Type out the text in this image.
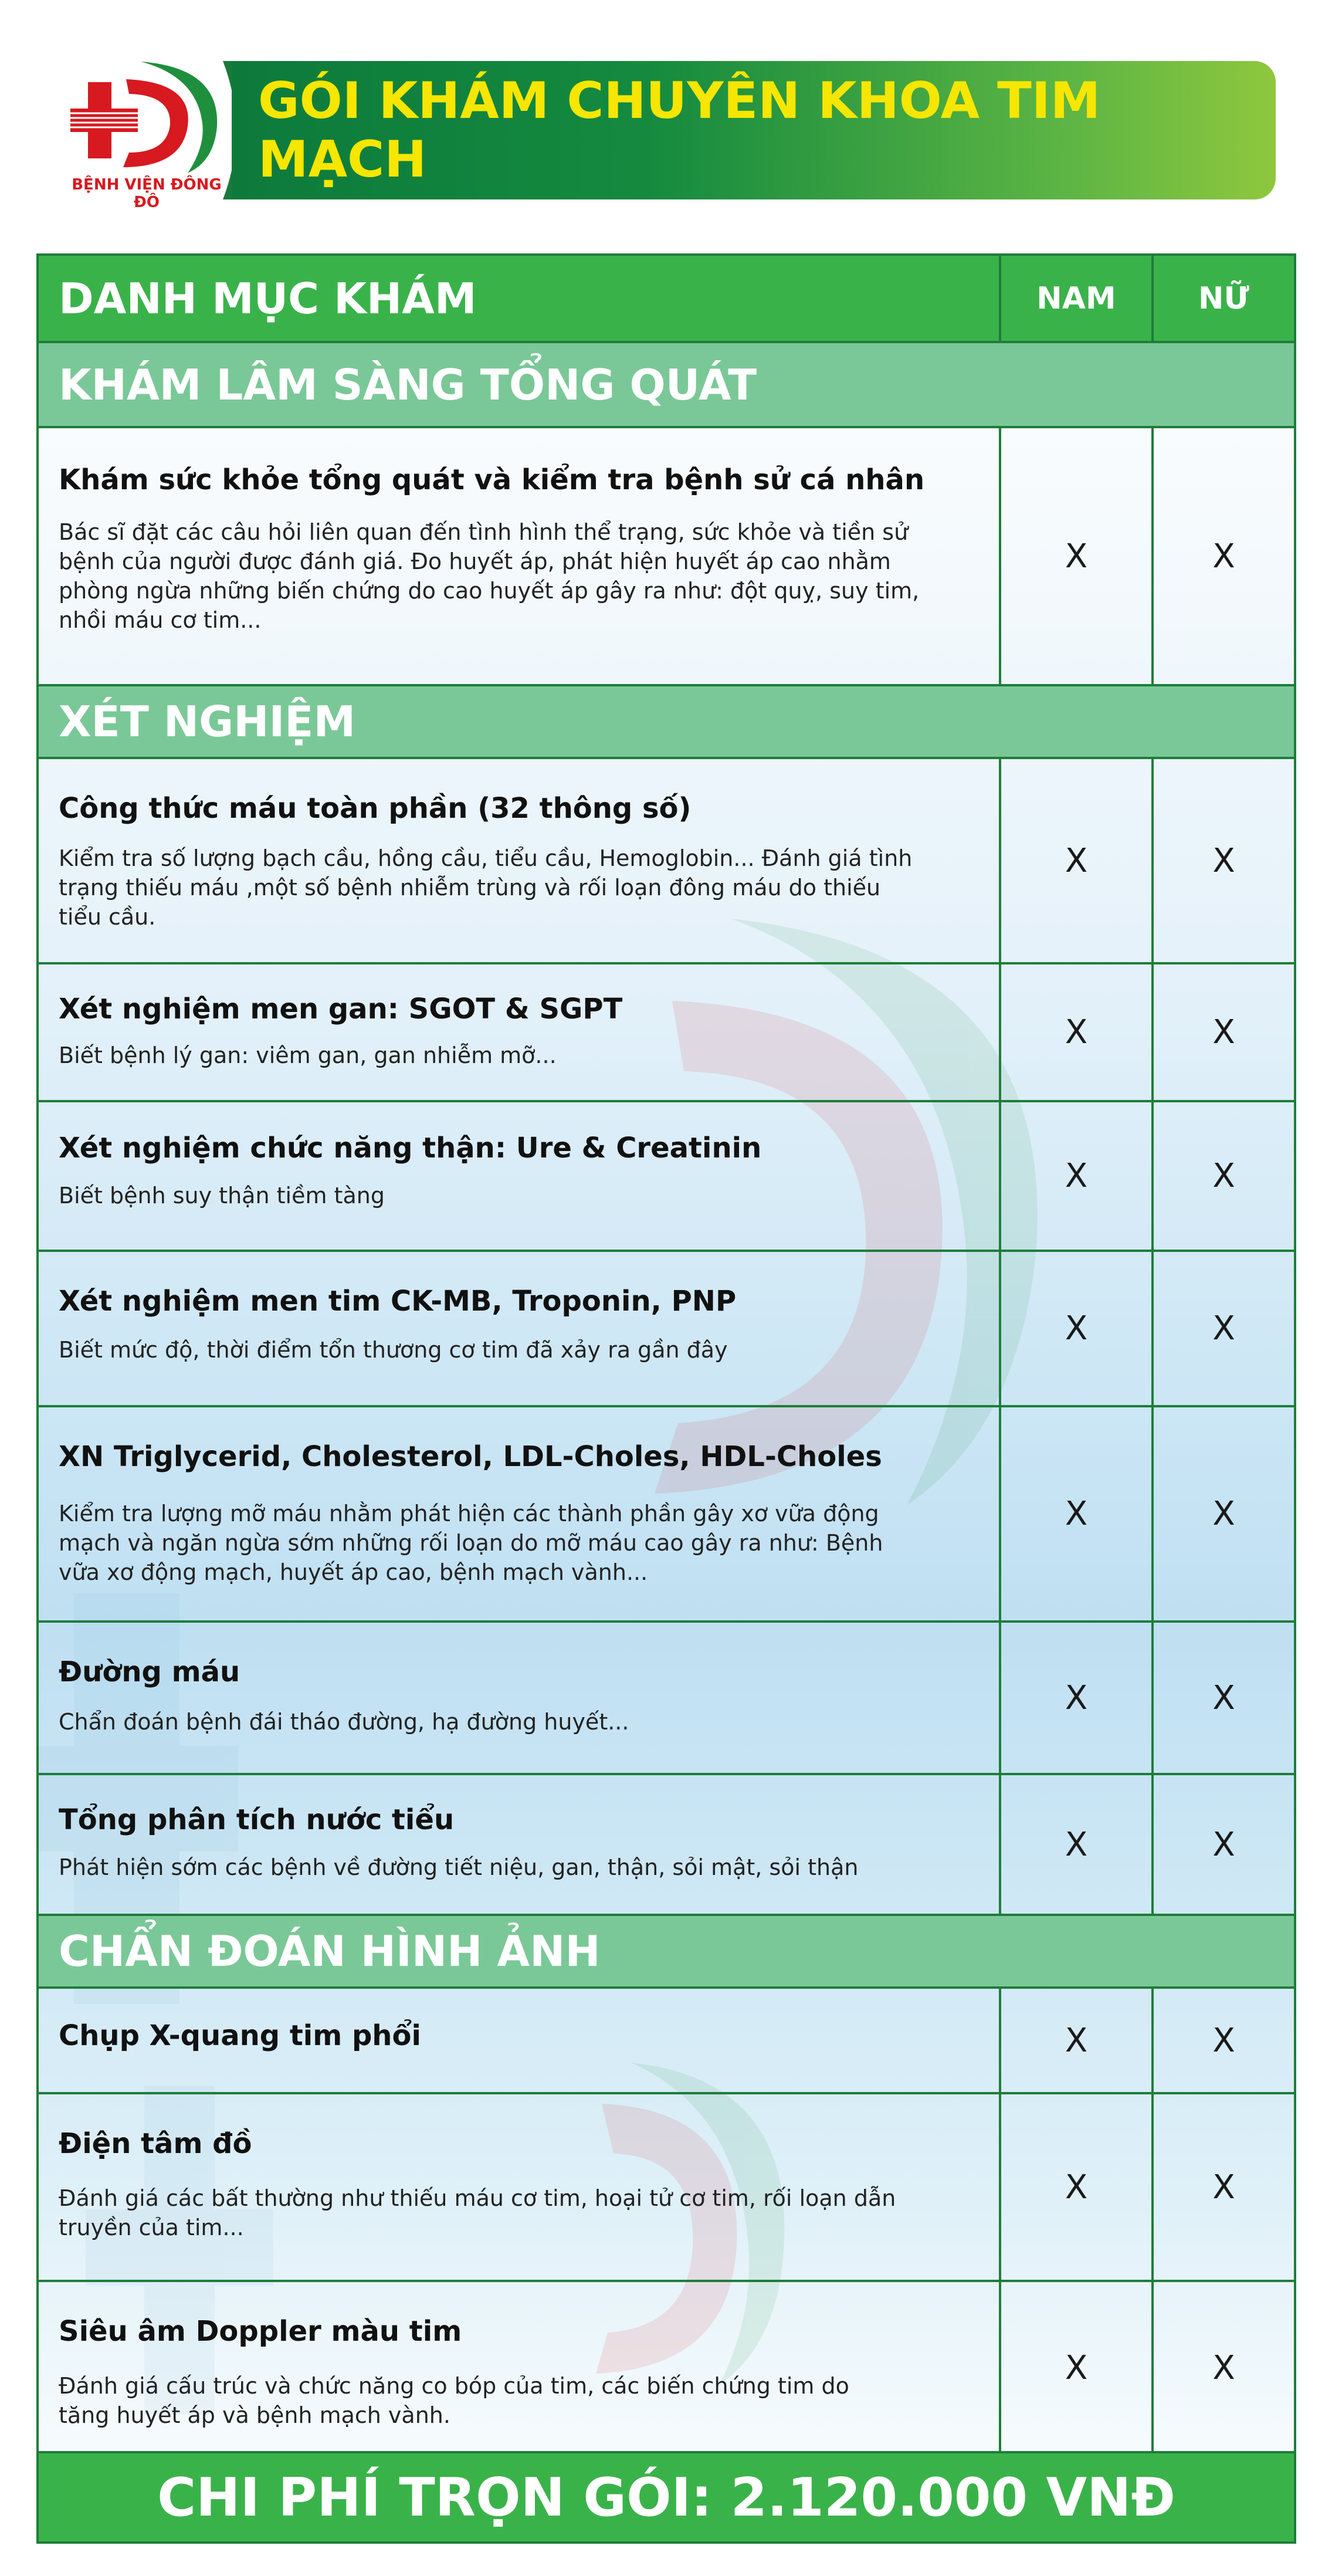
BỆNH VIỆN ĐÔNG ĐÔ
GÓI KHÁM CHUYÊN KHOA TIM MẠCH
DANH MỤC KHÁM	NAM	NỮ
KHÁM LÂM SÀNG TỔNG QUÁT
Khám sức khỏe tổng quát và kiểm tra bệnh sử cá nhân
Bác sĩ đặt các câu hỏi liên quan đến tình hình thể trạng, sức khỏe và tiền sử
bệnh của người được đánh giá. Đo huyết áp, phát hiện huyết áp cao nhằm
phòng ngừa những biến chứng do cao huyết áp gây ra như: đột quỵ, suy tim,
nhồi máu cơ tim...
X	X
XÉT NGHIỆM
Công thức máu toàn phần (32 thông số)
Kiểm tra số lượng bạch cầu, hồng cầu, tiểu cầu, Hemoglobin... Đánh giá tình
trạng thiếu máu ,một số bệnh nhiễm trùng và rối loạn đông máu do thiếu
tiểu cầu.
X	X
Xét nghiệm men gan: SGOT & SGPT
Biết bệnh lý gan: viêm gan, gan nhiễm mỡ...
X	X
Xét nghiệm chức năng thận: Ure & Creatinin
Biết bệnh suy thận tiềm tàng
X	X
Xét nghiệm men tim CK-MB, Troponin, PNP
Biết mức độ, thời điểm tổn thương cơ tim đã xảy ra gần đây
X	X
XN Triglycerid, Cholesterol, LDL-Choles, HDL-Choles
Kiểm tra lượng mỡ máu nhằm phát hiện các thành phần gây xơ vữa động
mạch và ngăn ngừa sớm những rối loạn do mỡ máu cao gây ra như: Bệnh
vữa xơ động mạch, huyết áp cao, bệnh mạch vành...
X	X
Đường máu
Chẩn đoán bệnh đái tháo đường, hạ đường huyết...
X	X
Tổng phân tích nước tiểu
Phát hiện sớm các bệnh về đường tiết niệu, gan, thận, sỏi mật, sỏi thận
X	X
CHẨN ĐOÁN HÌNH ẢNH
Chụp X-quang tim phổi	X	X
Điện tâm đồ
Đánh giá các bất thường như thiếu máu cơ tim, hoại tử cơ tim, rối loạn dẫn
truyền của tim...
X	X
Siêu âm Doppler màu tim
Đánh giá cấu trúc và chức năng co bóp của tim, các biến chứng tim do
tăng huyết áp và bệnh mạch vành.
X	X
CHI PHÍ TRỌN GÓI: 2.120.000 VNĐ
